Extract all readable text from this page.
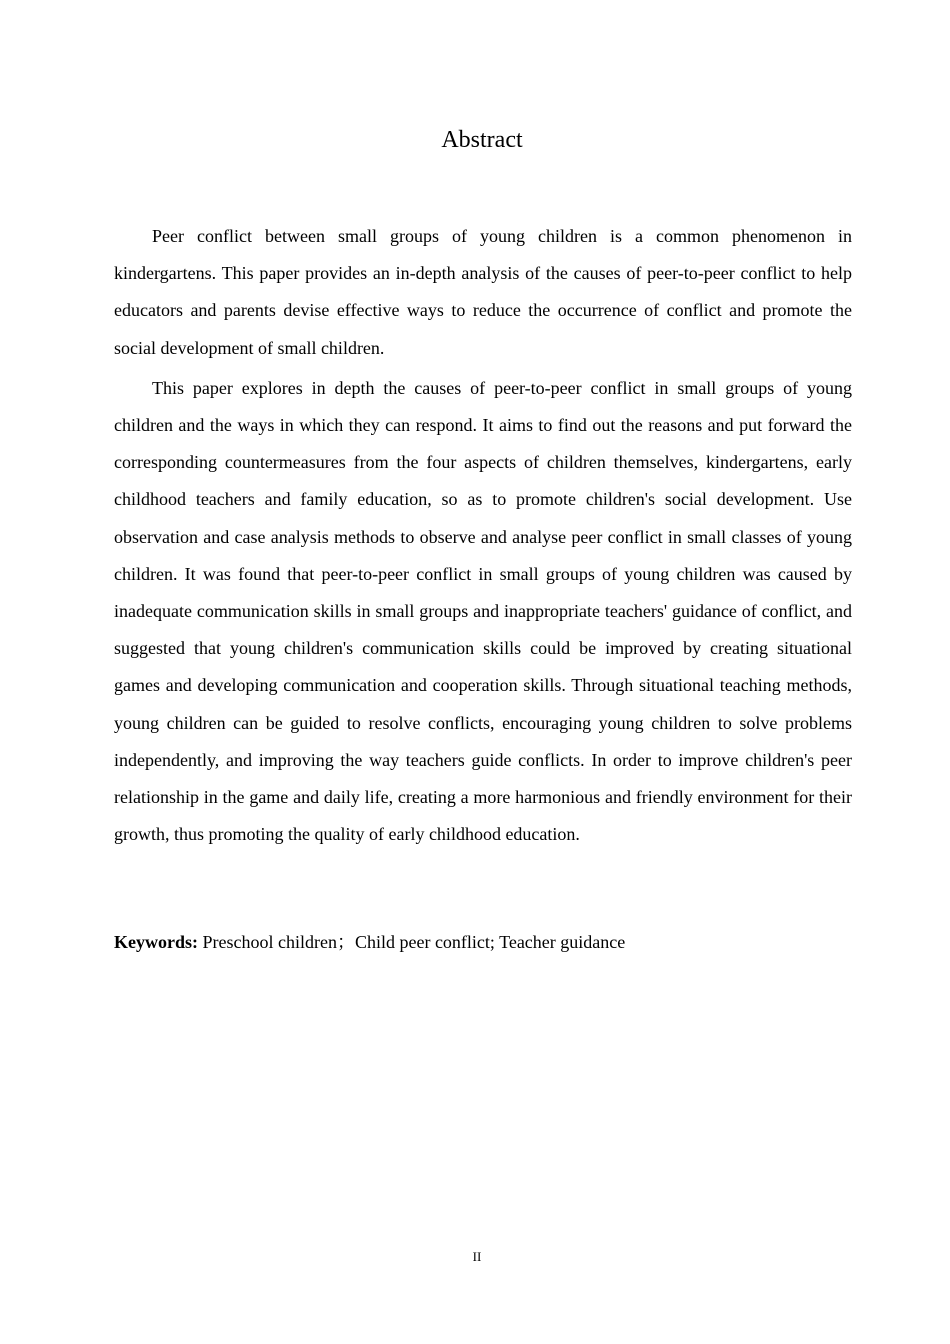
Abstract

Peer conflict between small groups of young children is a common phenomenon in kindergartens. This paper provides an in-depth analysis of the causes of peer-to-peer conflict to help educators and parents devise effective ways to reduce the occurrence of conflict and promote the social development of small children.

This paper explores in depth the causes of peer-to-peer conflict in small groups of young children and the ways in which they can respond. It aims to find out the reasons and put forward the corresponding countermeasures from the four aspects of children themselves, kindergartens, early childhood teachers and family education, so as to promote children's social development. Use observation and case analysis methods to observe and analyse peer conflict in small classes of young children. It was found that peer-to-peer conflict in small groups of young children was caused by inadequate communication skills in small groups and inappropriate teachers' guidance of conflict, and suggested that young children's communication skills could be improved by creating situational games and developing communication and cooperation skills. Through situational teaching methods, young children can be guided to resolve conflicts, encouraging young children to solve problems independently, and improving the way teachers guide conflicts. In order to improve children's peer relationship in the game and daily life, creating a more harmonious and friendly environment for their growth, thus promoting the quality of early childhood education.

Keywords: Preschool children；Child peer conflict; Teacher guidance

II
